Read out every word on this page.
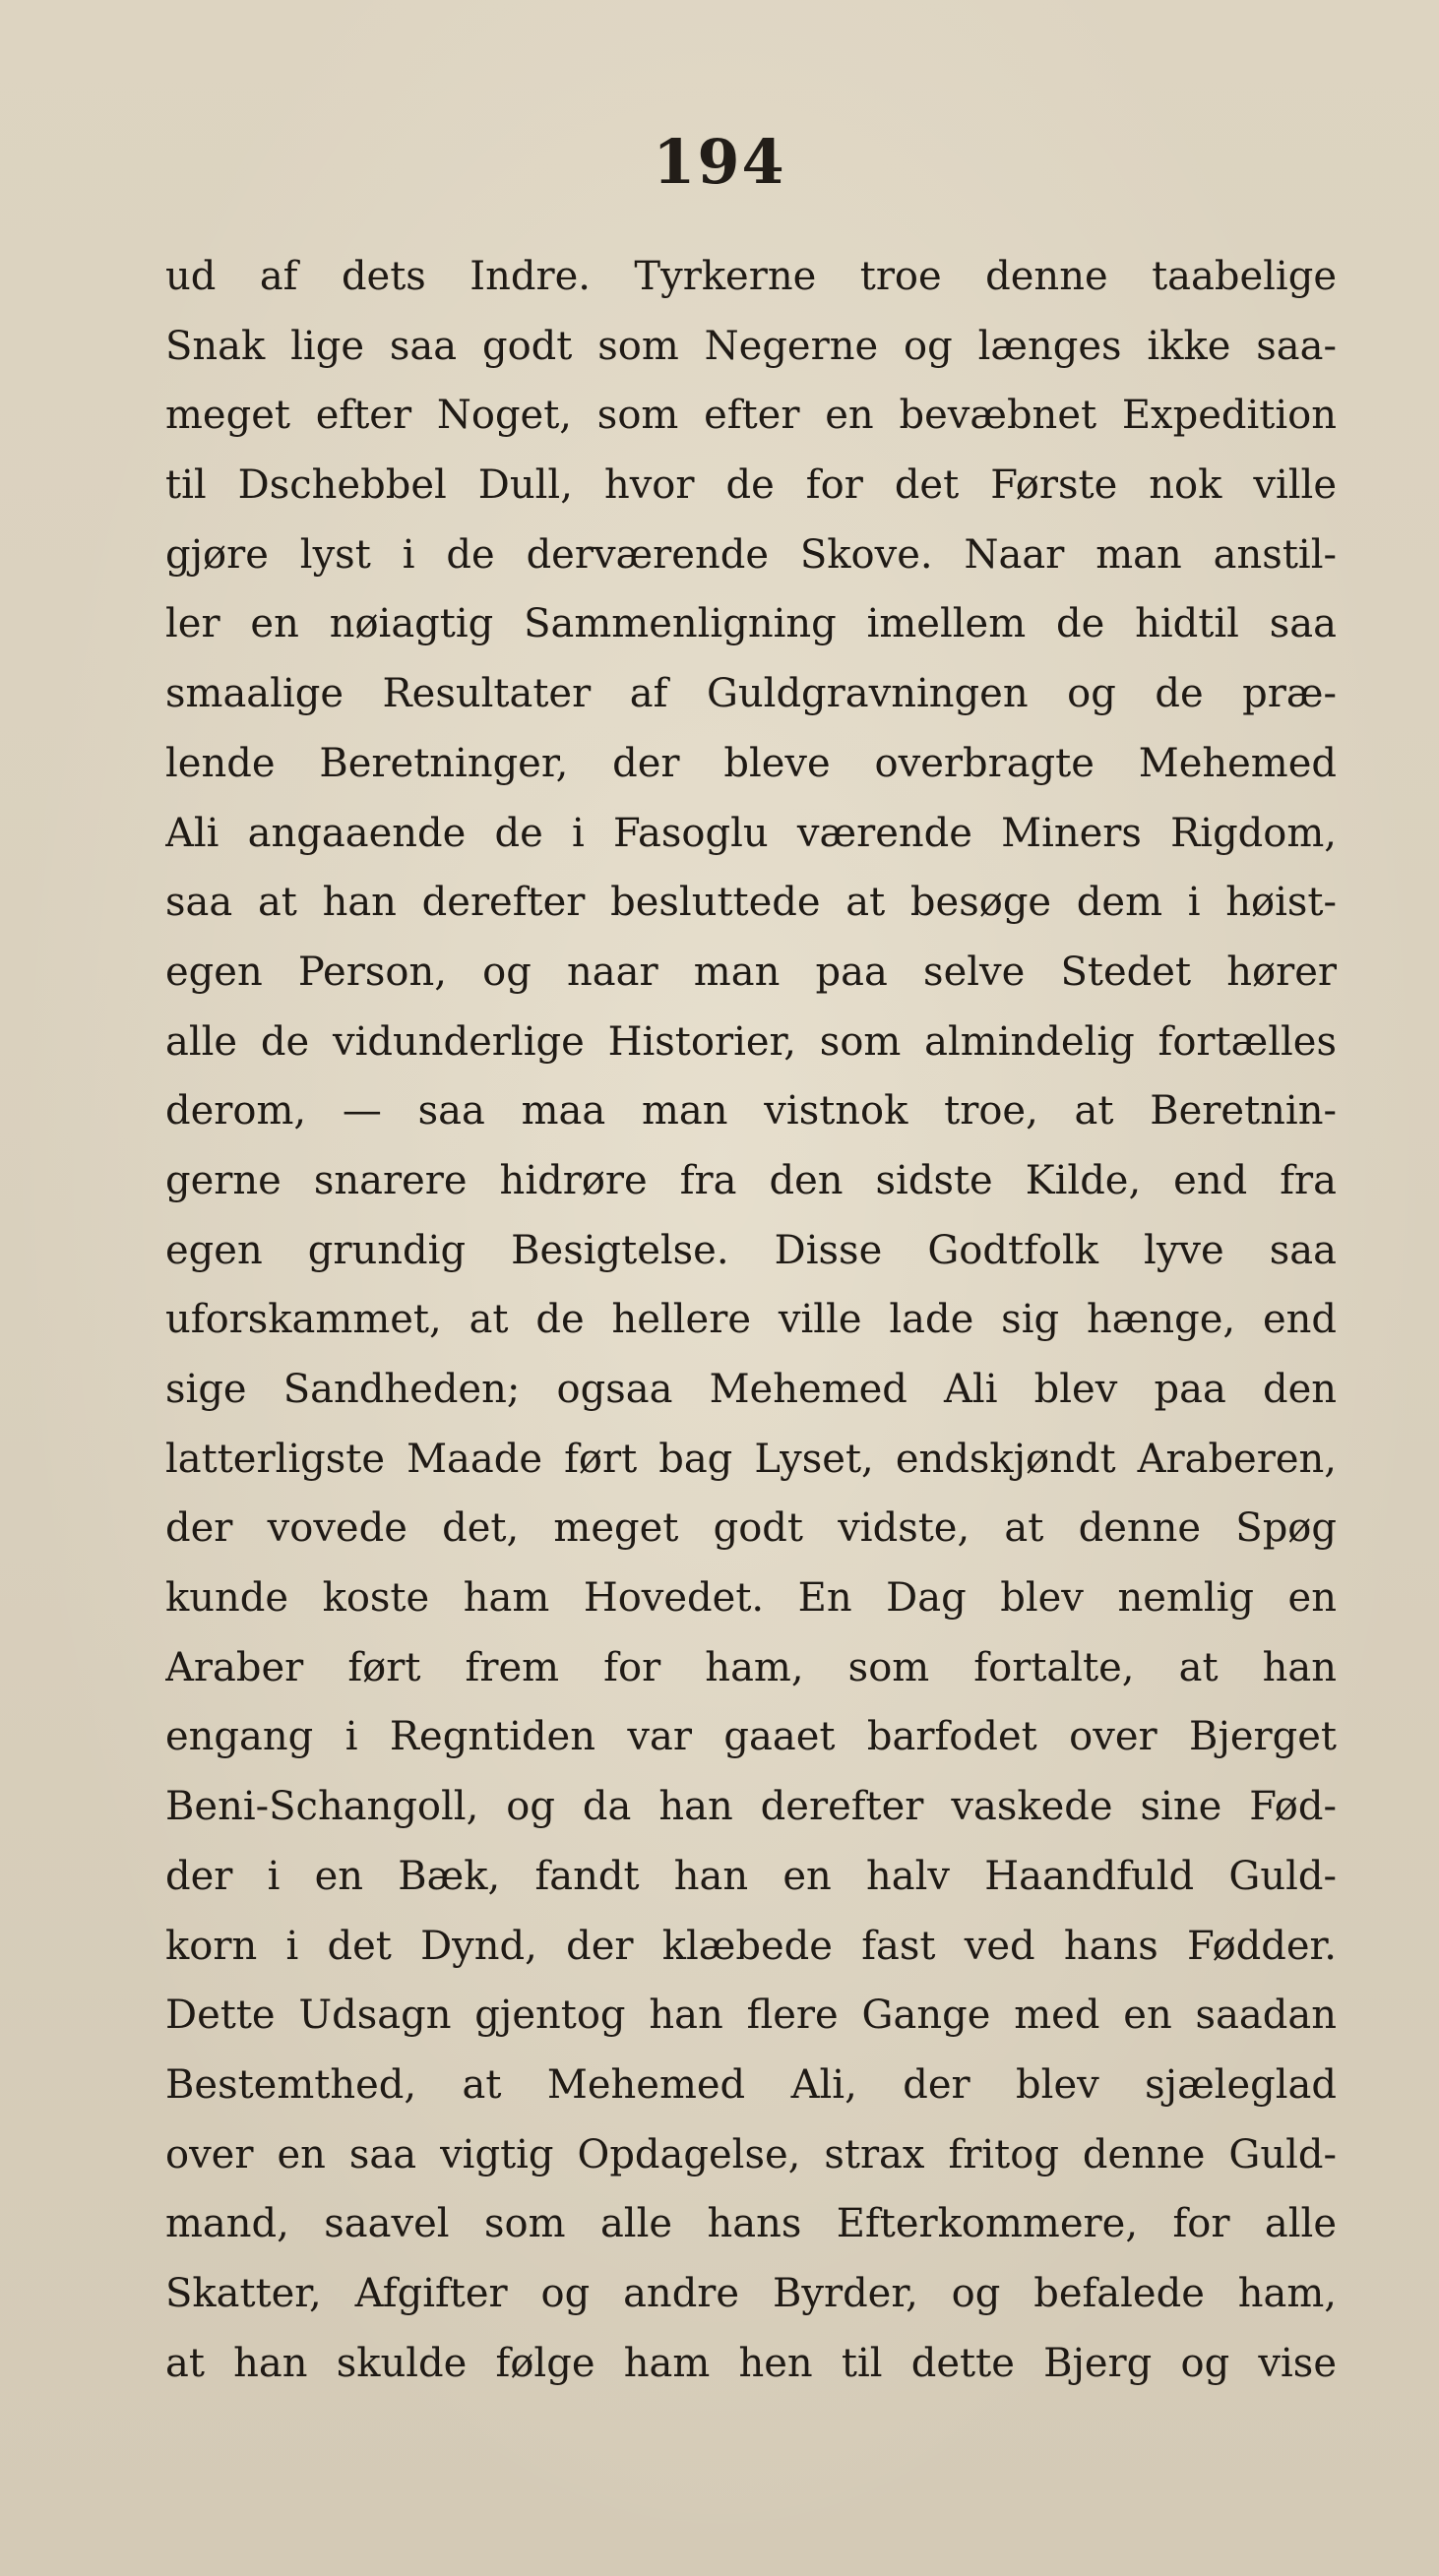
194
ud af dets Indre. Tyrkerne troe denne taabelige
Snak lige saa godt som Negerne og længes ikke saa-
meget efter Noget, som efter en bevæbnet Expedition
til Dschebbel Dull, hvor de for det Første nok ville
gjøre lyst i de derværende Skove. Naar man anstil-
ler en nøiagtig Sammenligning imellem de hidtil saa
smaalige Resultater af Guldgravningen og de præ-
lende Beretninger, der bleve overbragte Mehemed
Ali angaaende de i Fasoglu værende Miners Rigdom,
saa at han derefter besluttede at besøge dem i høist-
egen Person, og naar man paa selve Stedet hører
alle de vidunderlige Historier, som almindelig fortælles
derom, — saa maa man vistnok troe, at Beretnin-
gerne snarere hidrøre fra den sidste Kilde, end fra
egen grundig Besigtelse. Disse Godtfolk lyve saa
uforskammet, at de hellere ville lade sig hænge, end
sige Sandheden; ogsaa Mehemed Ali blev paa den
latterligste Maade ført bag Lyset, endskjøndt Araberen,
der vovede det, meget godt vidste, at denne Spøg
kunde koste ham Hovedet. En Dag blev nemlig en
Araber ført frem for ham, som fortalte, at han
engang i Regntiden var gaaet barfodet over Bjerget
Beni-Schangoll, og da han derefter vaskede sine Fød-
der i en Bæk, fandt han en halv Haandfuld Guld-
korn i det Dynd, der klæbede fast ved hans Fødder.
Dette Udsagn gjentog han flere Gange med en saadan
Bestemthed, at Mehemed Ali, der blev sjæleglad
over en saa vigtig Opdagelse, strax fritog denne Guld-
mand, saavel som alle hans Efterkommere, for alle
Skatter, Afgifter og andre Byrder, og befalede ham,
at han skulde følge ham hen til dette Bjerg og vise
